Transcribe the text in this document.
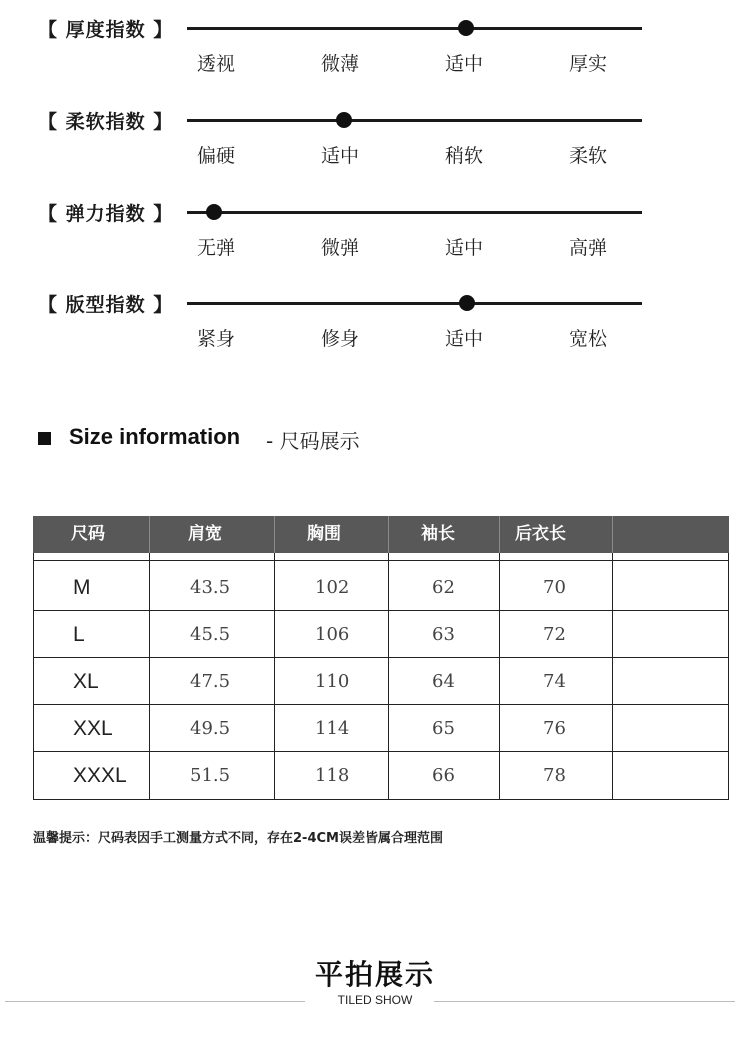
【 厚度指数 】
透视	微薄	适中	厚实
【 柔软指数 】
偏硬	适中	稍软	柔软
【 弹力指数 】
无弹	微弹	适中	高弹
【 版型指数 】
紧身	修身	适中	宽松
Size information - 尺码展示
尺码	肩宽	胸围	袖长	后衣长
M	43.5	102	62	70
L	45.5	106	63	72
XL	47.5	110	64	74
XXL	49.5	114	65	76
XXXL	51.5	118	66	78
温馨提示：尺码表因手工测量方式不同，存在2-4CM误差皆属合理范围
平拍展示
TILED SHOW
